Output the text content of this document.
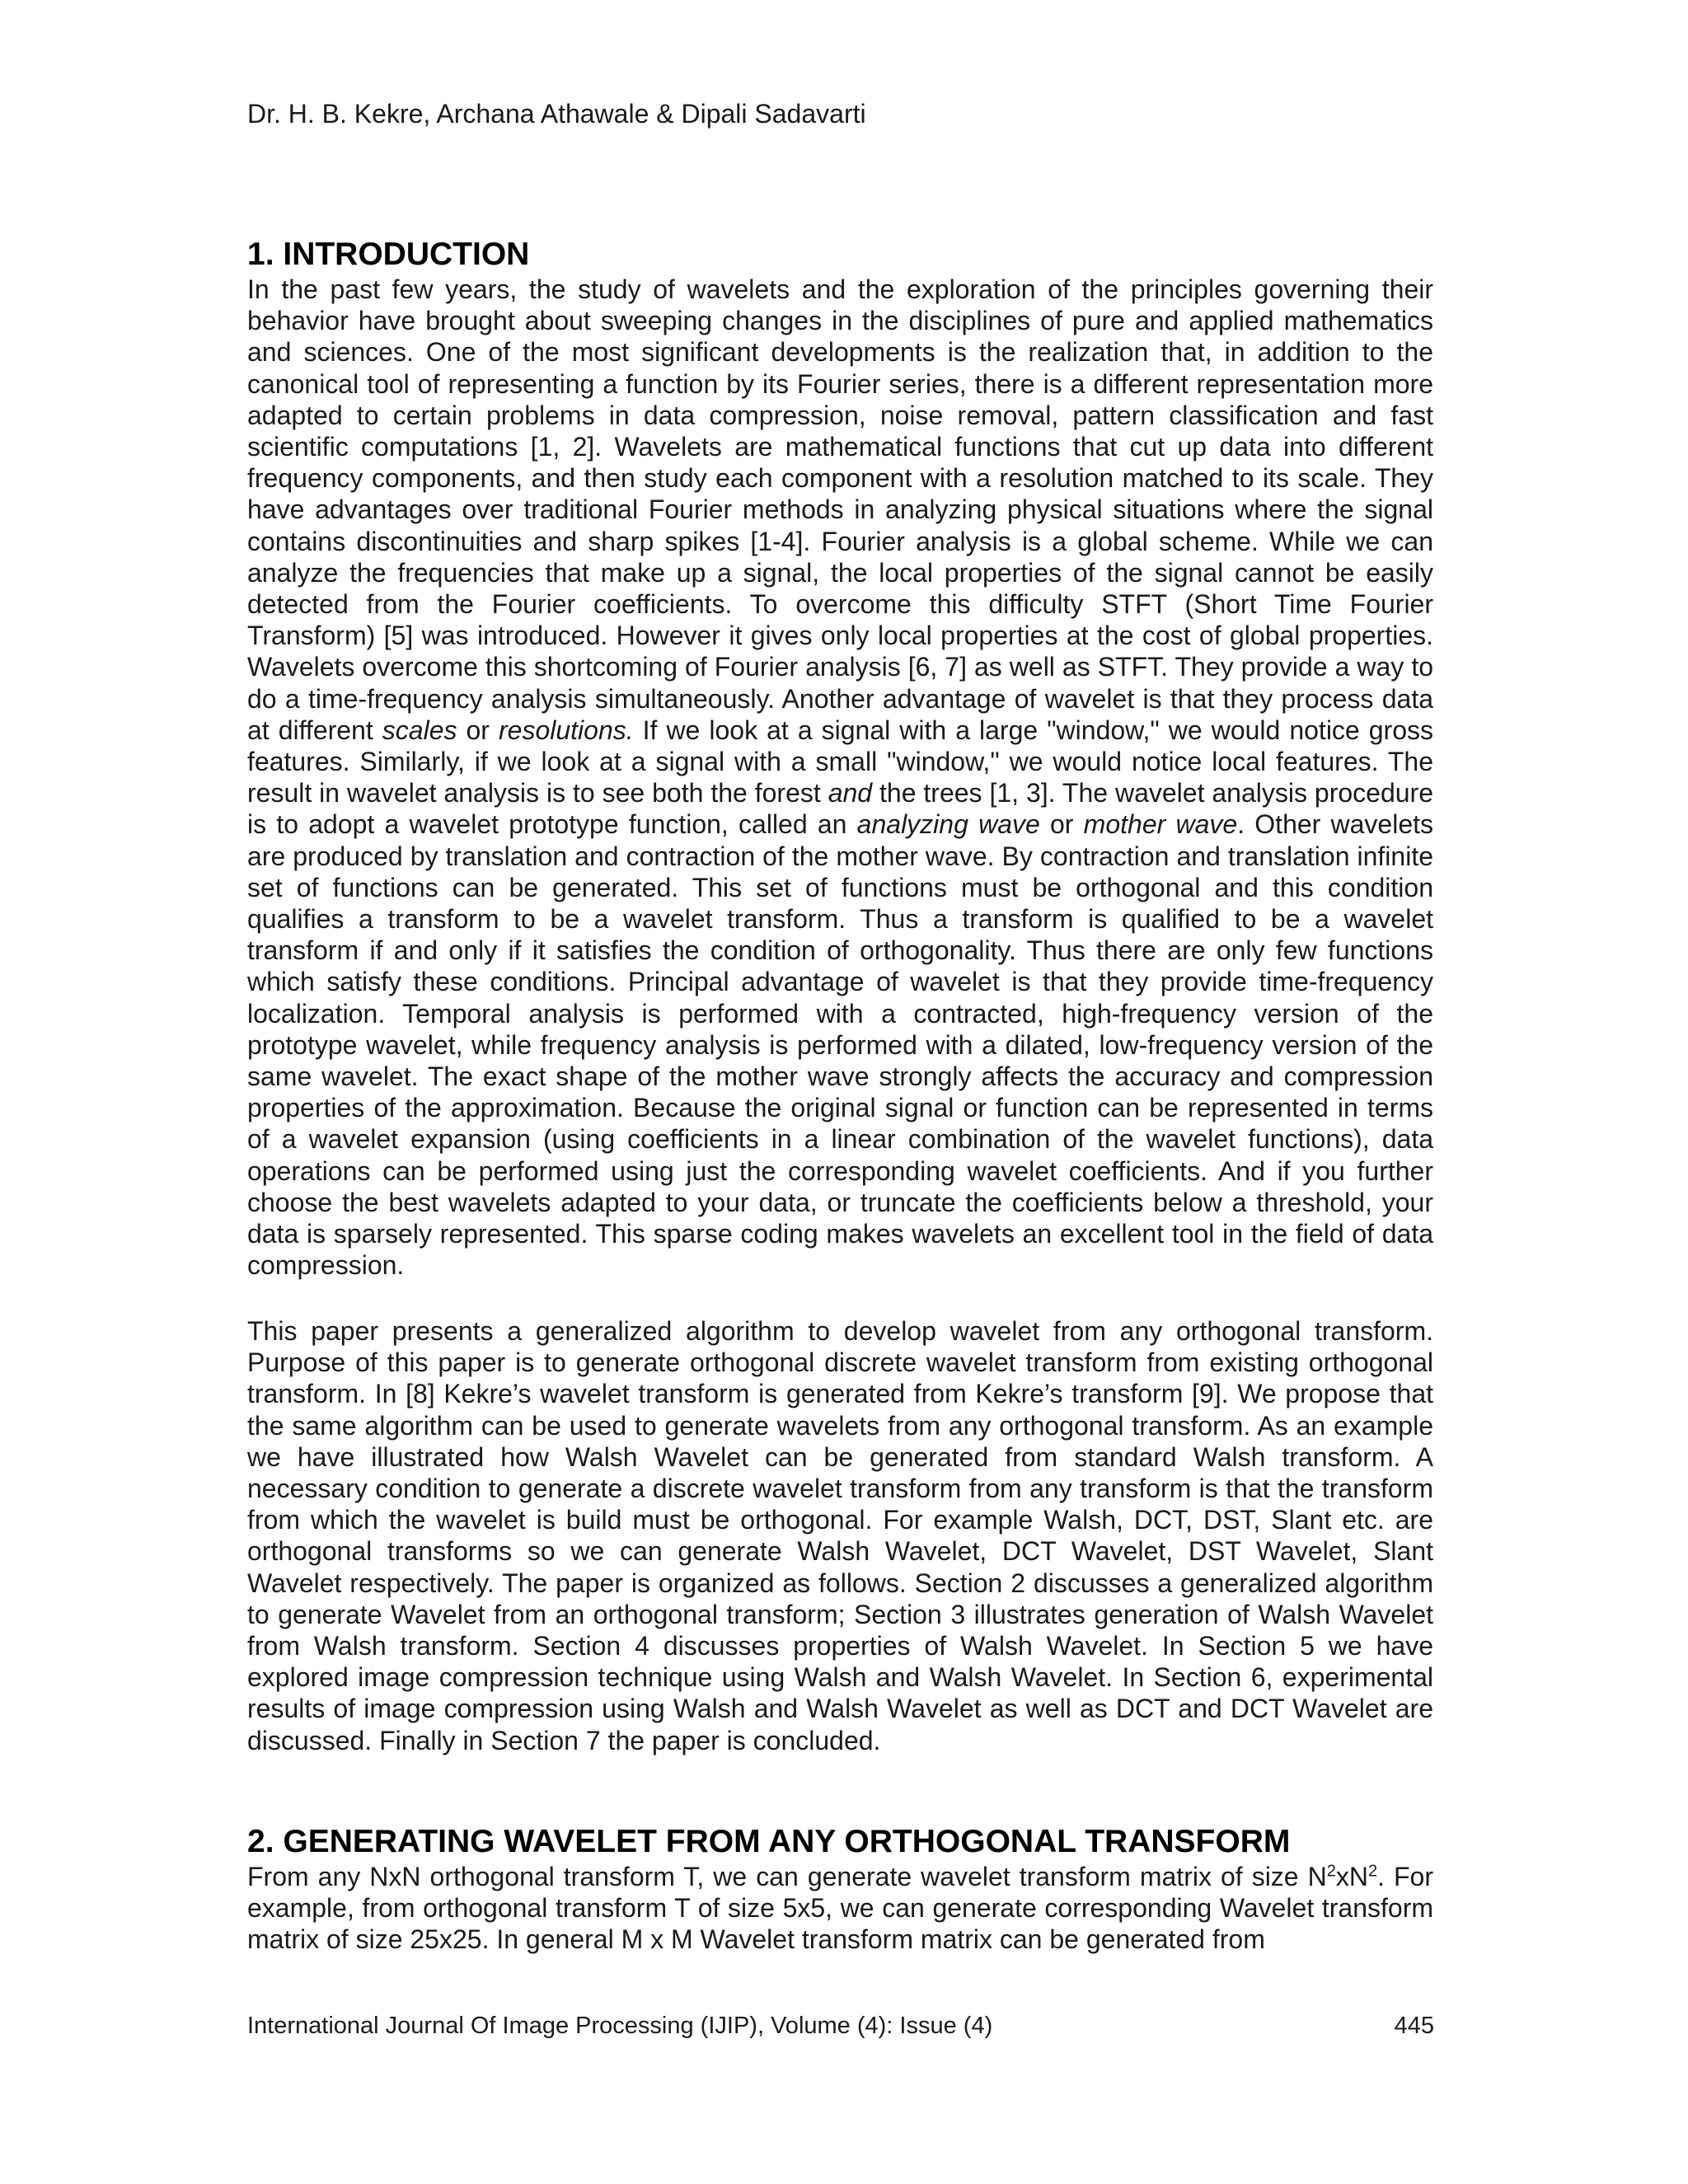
Dr. H. B. Kekre, Archana Athawale & Dipali Sadavarti
1. INTRODUCTION

In the past few years, the study of wavelets and the exploration of the principles governing their behavior have brought about sweeping changes in the disciplines of pure and applied mathematics and sciences. One of the most significant developments is the realization that, in addition to the canonical tool of representing a function by its Fourier series, there is a different representation more adapted to certain problems in data compression, noise removal, pattern classification and fast scientific computations [1, 2]. Wavelets are mathematical functions that cut up data into different frequency components, and then study each component with a resolution matched to its scale. They have advantages over traditional Fourier methods in analyzing physical situations where the signal contains discontinuities and sharp spikes [1-4]. Fourier analysis is a global scheme. While we can analyze the frequencies that make up a signal, the local properties of the signal cannot be easily detected from the Fourier coefficients. To overcome this difficulty STFT (Short Time Fourier Transform) [5] was introduced. However it gives only local properties at the cost of global properties. Wavelets overcome this shortcoming of Fourier analysis [6, 7] as well as STFT. They provide a way to do a time-frequency analysis simultaneously. Another advantage of wavelet is that they process data at different scales or resolutions. If we look at a signal with a large "window," we would notice gross features. Similarly, if we look at a signal with a small "window," we would notice local features. The result in wavelet analysis is to see both the forest and the trees [1, 3]. The wavelet analysis procedure is to adopt a wavelet prototype function, called an analyzing wave or mother wave. Other wavelets are produced by translation and contraction of the mother wave. By contraction and translation infinite set of functions can be generated. This set of functions must be orthogonal and this condition qualifies a transform to be a wavelet transform. Thus a transform is qualified to be a wavelet transform if and only if it satisfies the condition of orthogonality. Thus there are only few functions which satisfy these conditions. Principal advantage of wavelet is that they provide time-frequency localization. Temporal analysis is performed with a contracted, high-frequency version of the prototype wavelet, while frequency analysis is performed with a dilated, low-frequency version of the same wavelet. The exact shape of the mother wave strongly affects the accuracy and compression properties of the approximation. Because the original signal or function can be represented in terms of a wavelet expansion (using coefficients in a linear combination of the wavelet functions), data operations can be performed using just the corresponding wavelet coefficients. And if you further choose the best wavelets adapted to your data, or truncate the coefficients below a threshold, your data is sparsely represented. This sparse coding makes wavelets an excellent tool in the field of data compression.

This paper presents a generalized algorithm to develop wavelet from any orthogonal transform. Purpose of this paper is to generate orthogonal discrete wavelet transform from existing orthogonal transform. In [8] Kekre’s wavelet transform is generated from Kekre’s transform [9]. We propose that the same algorithm can be used to generate wavelets from any orthogonal transform. As an example we have illustrated how Walsh Wavelet can be generated from standard Walsh transform. A necessary condition to generate a discrete wavelet transform from any transform is that the transform from which the wavelet is build must be orthogonal. For example Walsh, DCT, DST, Slant etc. are orthogonal transforms so we can generate Walsh Wavelet, DCT Wavelet, DST Wavelet, Slant Wavelet respectively. The paper is organized as follows. Section 2 discusses a generalized algorithm to generate Wavelet from an orthogonal transform; Section 3 illustrates generation of Walsh Wavelet from Walsh transform. Section 4 discusses properties of Walsh Wavelet. In Section 5 we have explored image compression technique using Walsh and Walsh Wavelet. In Section 6, experimental results of image compression using Walsh and Walsh Wavelet as well as DCT and DCT Wavelet are discussed. Finally in Section 7 the paper is concluded.

2. GENERATING WAVELET FROM ANY ORTHOGONAL TRANSFORM

From any NxN orthogonal transform T, we can generate wavelet transform matrix of size $N^2xN^2$. For example, from orthogonal transform T of size 5x5, we can generate corresponding Wavelet transform matrix of size 25x25. In general M x M Wavelet transform matrix can be generated from

International Journal Of Image Processing (IJIP), Volume (4): Issue (4)	445
